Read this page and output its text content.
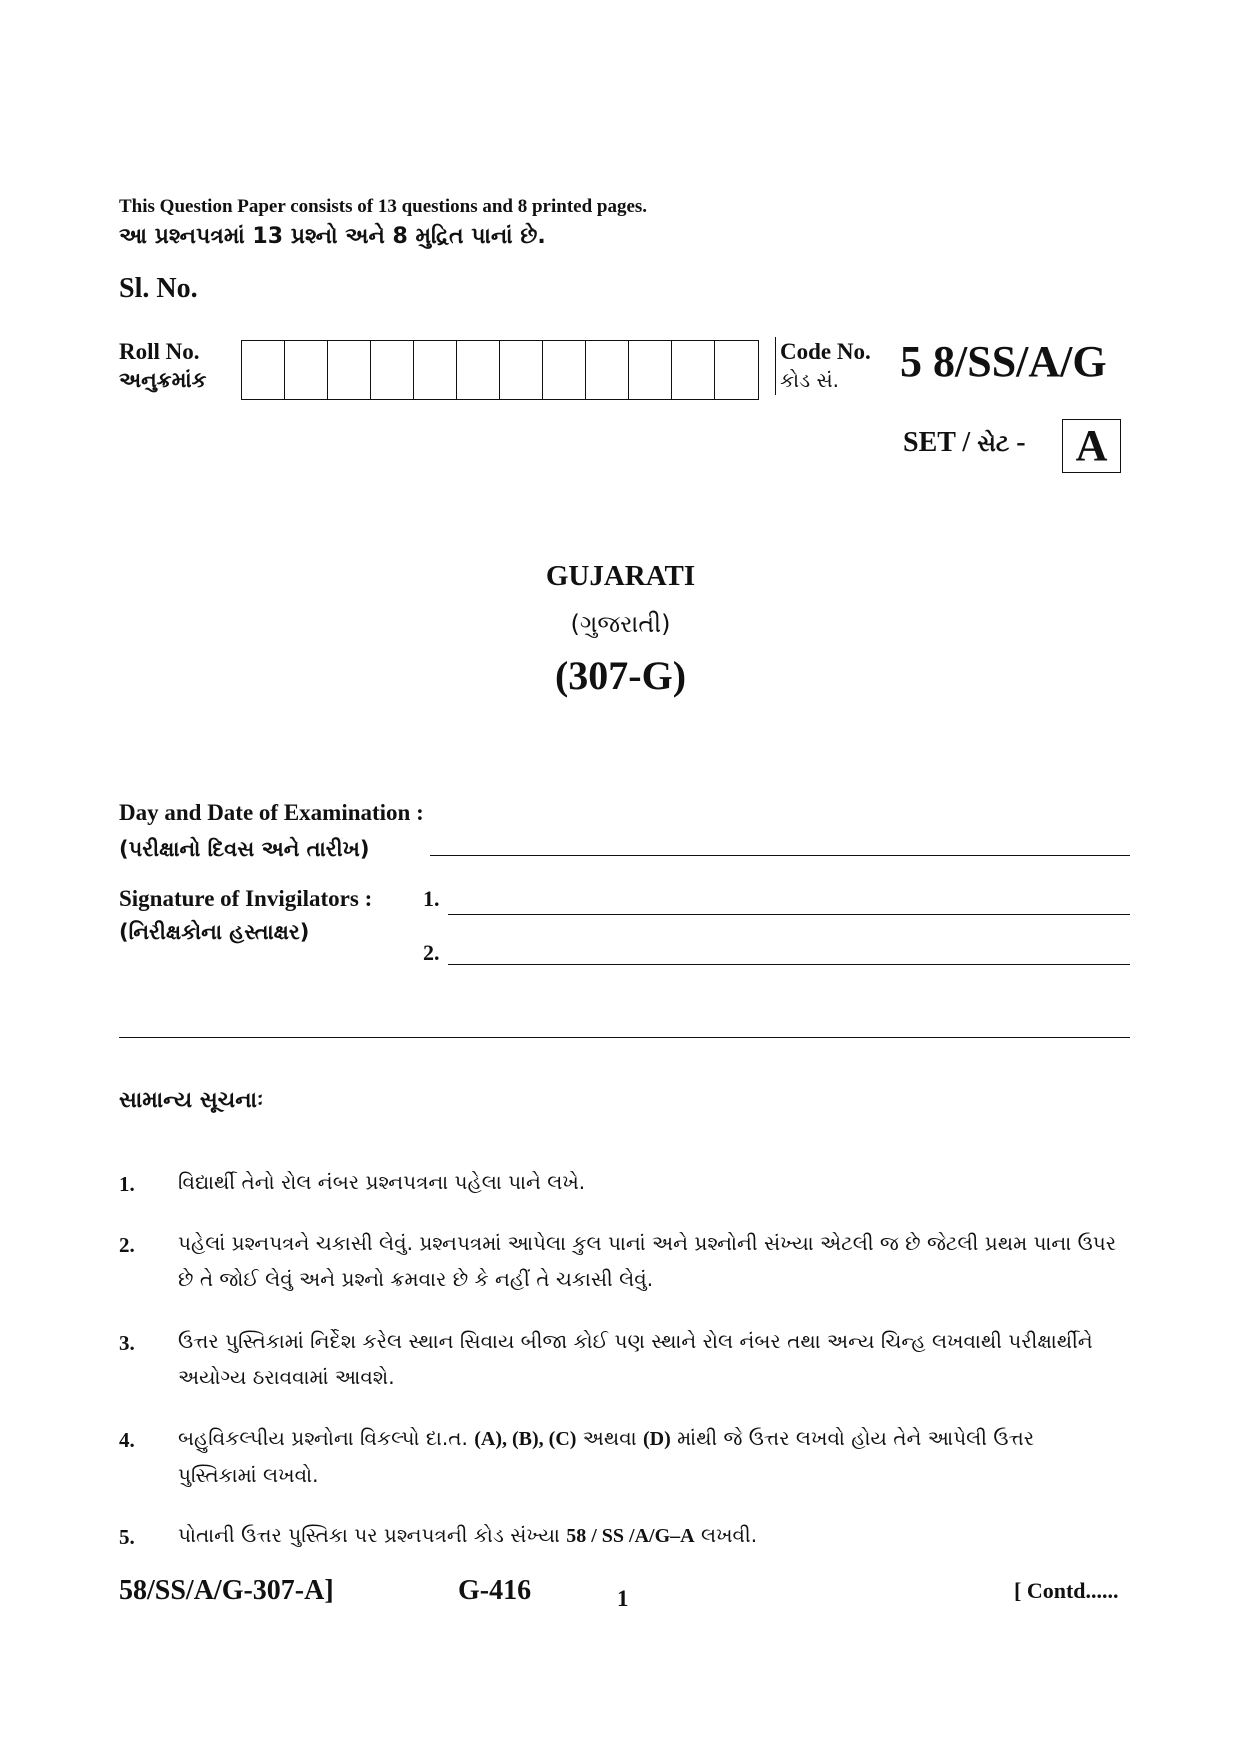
This Question Paper consists of 13 questions and 8 printed pages.
આ પ્રશ્નપત્રમાં 13 પ્રશ્નો અને 8 મુદ્રિત પાનાં છે.
Sl. No.
Roll No.
અનુક્રમાંક
Code No.
કોડ સં.	5 8/SS/A/G
SET / સેટ -	A
GUJARATI
(ગુજરાતી)
(307-G)
Day and Date of Examination :
(પરીક્ષાનો દિવસ અને તારીખ)
Signature of Invigilators :
(નિરીક્ષકોના હસ્તાક્ષર)
1.
2.
સામાન્ય સૂચનાઃ
1. વિદ્યાર્થી તેનો રોલ નંબર પ્રશ્નપત્રના પહેલા પાને લખે.
2. પહેલાં પ્રશ્નપત્રને ચકાસી લેવું. પ્રશ્નપત્રમાં આપેલા કુલ પાનાં અને પ્રશ્નોની સંખ્યા એટલી જ છે જેટલી પ્રથમ પાના ઉપર છે તે જોઈ લેવું અને પ્રશ્નો ક્રમવાર છે કે નહીં તે ચકાસી લેવું.
3. ઉત્તર પુસ્તિકામાં નિર્દેશ કરેલ સ્થાન સિવાય બીજા કોઈ પણ સ્થાને રોલ નંબર તથા અન્ય ચિન્હ લખવાથી પરીક્ષાર્થીને અયોગ્ય ઠરાવવામાં આવશે.
4. બહુવિકલ્પીય પ્રશ્નોના વિકલ્પો દા.ત. (A), (B), (C) અથવા (D) માંથી જે ઉત્તર લખવો હોય તેને આપેલી ઉત્તર પુસ્તિકામાં લખવો.
5. પોતાની ઉત્તર પુસ્તિકા પર પ્રશ્નપત્રની કોડ સંખ્યા 58 / SS /A/G–A લખવી.
58/SS/A/G-307-A]	G-416	1	[ Contd......
